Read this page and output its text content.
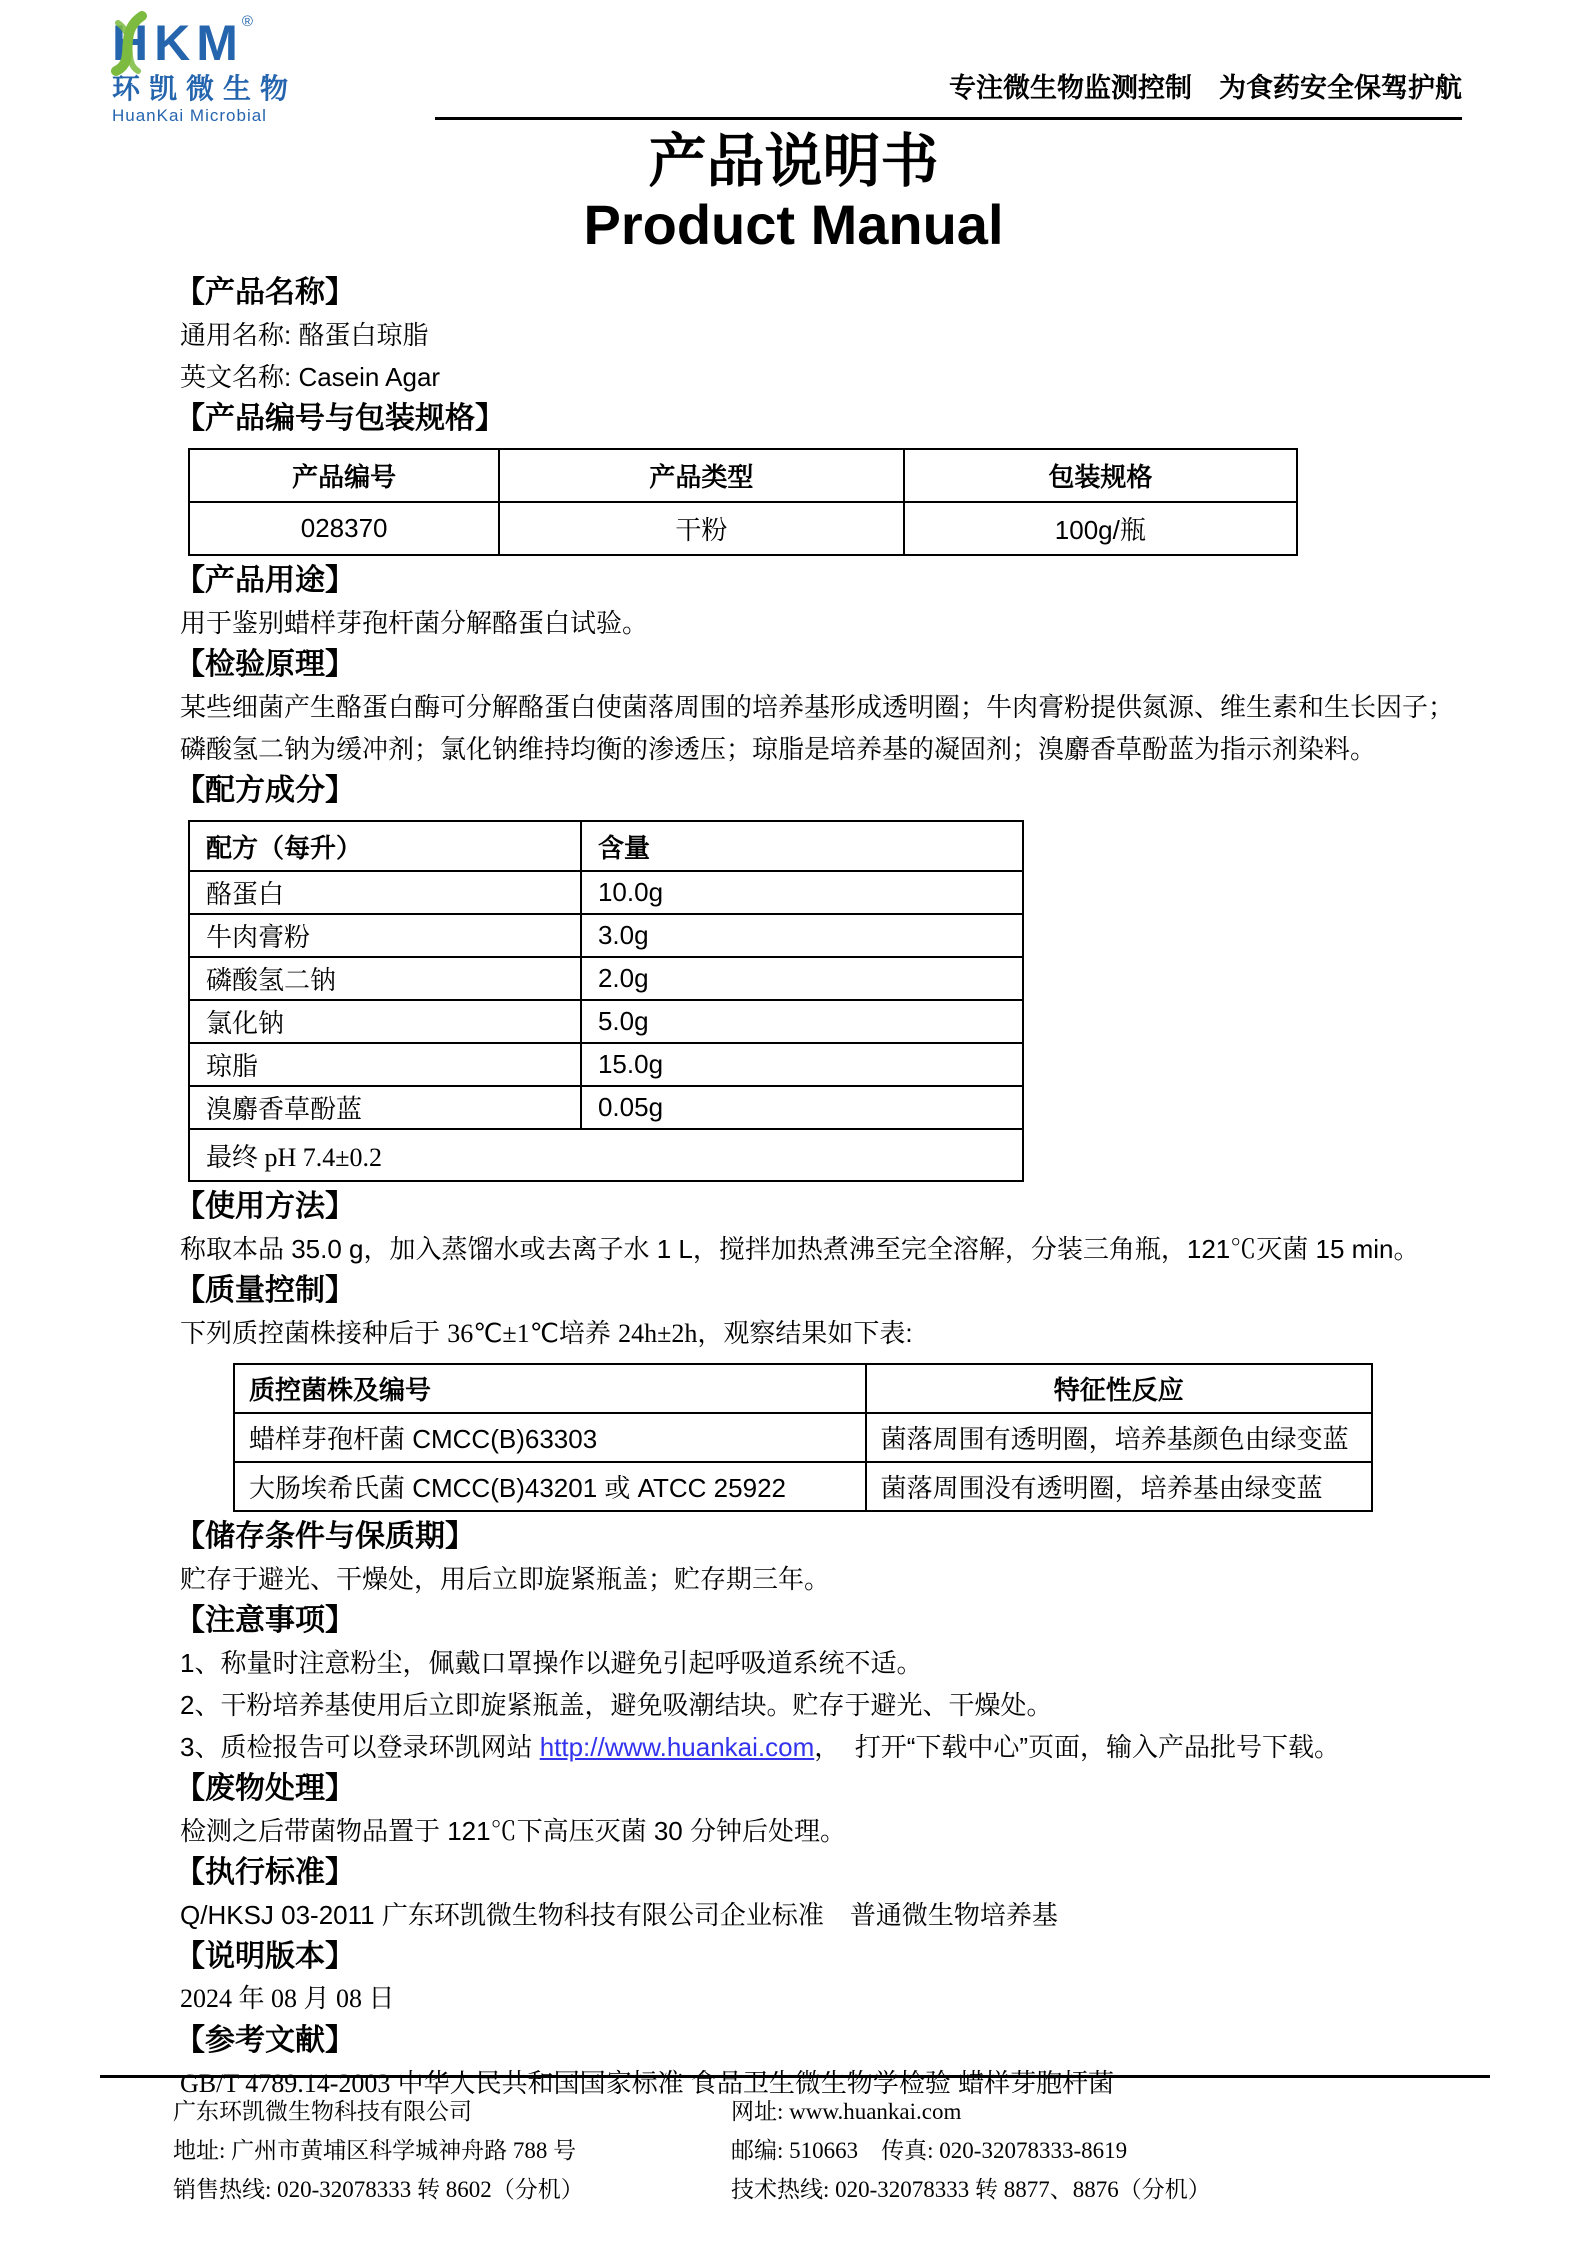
HKM®
环凯微生物
HuanKai Microbial
专注微生物监测控制　为食药安全保驾护航
产品说明书
Product Manual
【产品名称】

通用名称: 酪蛋白琼脂

英文名称: Casein Agar

【产品编号与包装规格】
产品编号	产品类型	包装规格
028370	干粉	100g/瓶
【产品用途】

用于鉴别蜡样芽孢杆菌分解酪蛋白试验。

【检验原理】

某些细菌产生酪蛋白酶可分解酪蛋白使菌落周围的培养基形成透明圈；牛肉膏粉提供氮源、维生素和生长因子；磷酸氢二钠为缓冲剂；氯化钠维持均衡的渗透压；琼脂是培养基的凝固剂；溴麝香草酚蓝为指示剂染料。

【配方成分】
配方（每升）	含量
酪蛋白	10.0g
牛肉膏粉	3.0g
磷酸氢二钠	2.0g
氯化钠	5.0g
琼脂	15.0g
溴麝香草酚蓝	0.05g
最终 pH 7.4±0.2	
【使用方法】

称取本品 35.0 g，加入蒸馏水或去离子水 1 L，搅拌加热煮沸至完全溶解，分装三角瓶，121℃灭菌 15 min。

【质量控制】

下列质控菌株接种后于 36℃±1℃培养 24h±2h，观察结果如下表:

质控菌株及编号	特征性反应
蜡样芽孢杆菌 CMCC(B)63303	菌落周围有透明圈，培养基颜色由绿变蓝
大肠埃希氏菌 CMCC(B)43201 或 ATCC 25922	菌落周围没有透明圈，培养基由绿变蓝
【储存条件与保质期】

贮存于避光、干燥处，用后立即旋紧瓶盖；贮存期三年。

【注意事项】

1、称量时注意粉尘，佩戴口罩操作以避免引起呼吸道系统不适。

2、干粉培养基使用后立即旋紧瓶盖，避免吸潮结块。贮存于避光、干燥处。

3、质检报告可以登录环凯网站 http://www.huankai.com，  打开“下载中心”页面，输入产品批号下载。

【废物处理】

检测之后带菌物品置于 121℃下高压灭菌 30 分钟后处理。

【执行标准】

Q/HKSJ 03-2011 广东环凯微生物科技有限公司企业标准　普通微生物培养基

【说明版本】

2024 年 08 月 08 日

【参考文献】

GB/T 4789.14-2003 中华人民共和国国家标准 食品卫生微生物学检验 蜡样芽胞杆菌

广东环凯微生物科技有限公司
地址: 广州市黄埔区科学城神舟路 788 号
销售热线: 020-32078333 转 8602（分机）
网址: www.huankai.com
邮编: 510663    传真: 020-32078333-8619
技术热线: 020-32078333 转 8877、8876（分机）
